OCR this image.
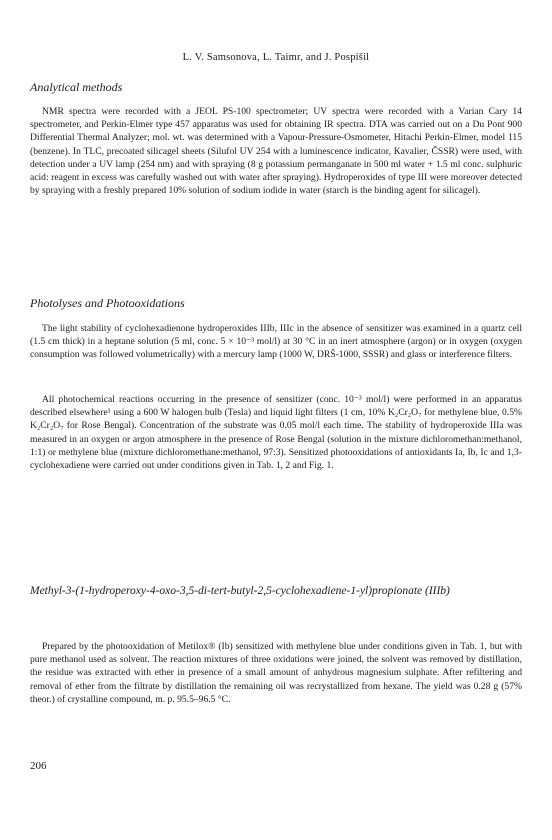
L. V. Samsonova, L. Taimr, and J. Pospíšil
Analytical methods

NMR spectra were recorded with a JEOL PS-100 spectrometer; UV spectra were recorded with a Varian Cary 14 spectrometer, and Perkin-Elmer type 457 apparatus was used for obtaining IR spectra. DTA was carried out on a Du Pont 900 Differential Thermal Analyzer; mol. wt. was determined with a Vapour-Pressure-Osmometer, Hitachi Perkin-Elmer, model 115 (benzene). In TLC, precoated silicagel sheets (Silufol UV 254 with a luminescence indicator, Kavalier, ČSSR) were used, with detection under a UV lamp (254 nm) and with spraying (8 g potassium permanganate in 500 ml water + 1.5 ml conc. sulphuric acid: reagent in excess was carefully washed out with water after spraying). Hydroperoxides of type III were moreover detected by spraying with a freshly prepared 10% solution of sodium iodide in water (starch is the binding agent for silicagel).

Photolyses and Photooxidations

The light stability of cyclohexadienone hydroperoxides IIIb, IIIc in the absence of sensitizer was examined in a quartz cell (1.5 cm thick) in a heptane solution (5 ml, conc. 5 × 10⁻³ mol/l) at 30 °C in an inert atmosphere (argon) or in oxygen (oxygen consumption was followed volumetrically) with a mercury lamp (1000 W, DRŠ-1000, SSSR) and glass or interference filters.

All photochemical reactions occurring in the presence of sensitizer (conc. 10⁻³ mol/l) were performed in an apparatus described elsewhere¹ using a 600 W halogen bulb (Tesla) and liquid light filters (1 cm, 10% K₂Cr₂O₇ for methylene blue, 0.5% K₂Cr₂O₇ for Rose Bengal). Concentration of the substrate was 0.05 mol/l each time. The stability of hydroperoxide IIIa was measured in an oxygen or argon atmosphere in the presence of Rose Bengal (solution in the mixture dichloromethan:methanol, 1:1) or methylene blue (mixture dichloromethane:methanol, 97:3). Sensitized photooxidations of antioxidants Ia, Ib, Ic and 1,3-cyclohexadiene were carried out under conditions given in Tab. 1, 2 and Fig. 1.

Methyl-3-(1-hydroperoxy-4-oxo-3,5-di-tert-butyl-2,5-cyclohexadiene-1-yl)propionate (IIIb)

Prepared by the photooxidation of Metilox® (Ib) sensitized with methylene blue under conditions given in Tab. 1, but with pure methanol used as solvent. The reaction mixtures of three oxidations were joined, the solvent was removed by distillation, the residue was extracted with ether in presence of a small amount of anhydrous magnesium sulphate. After refiltering and removal of ether from the filtrate by distillation the remaining oil was recrystallized from hexane. The yield was 0.28 g (57% theor.) of crystalline compound, m. p. 95.5–96.5 °C.

206
